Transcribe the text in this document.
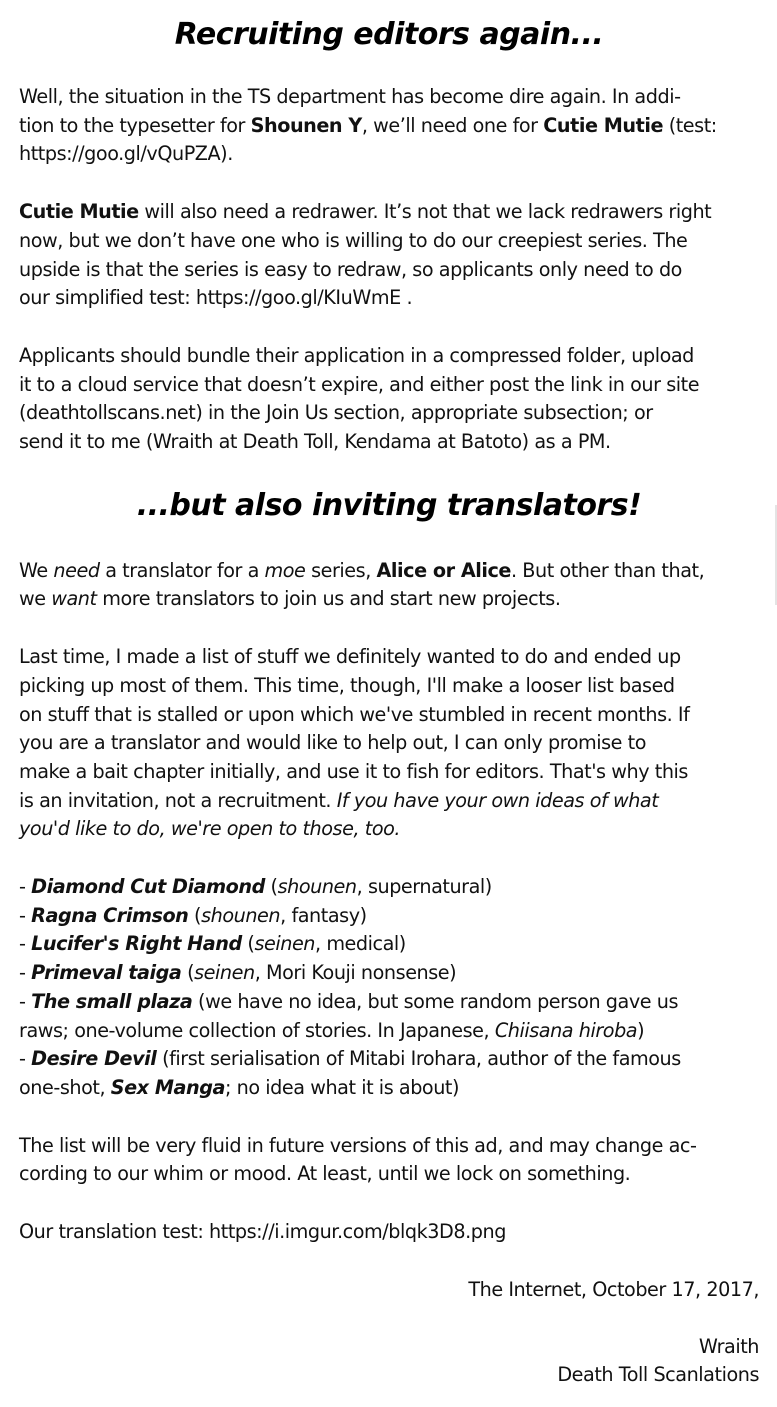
Recruiting editors again...

Well, the situation in the TS department has become dire again. In addi-
tion to the typesetter for Shounen Y, we’ll need one for Cutie Mutie (test:
https://goo.gl/vQuPZA).

Cutie Mutie will also need a redrawer. It’s not that we lack redrawers right
now, but we don’t have one who is willing to do our creepiest series. The
upside is that the series is easy to redraw, so applicants only need to do
our simplified test: https://goo.gl/KIuWmE .

Applicants should bundle their application in a compressed folder, upload
it to a cloud service that doesn’t expire, and either post the link in our site
(deathtollscans.net) in the Join Us section, appropriate subsection; or
send it to me (Wraith at Death Toll, Kendama at Batoto) as a PM.

...but also inviting translators!

We need a translator for a moe series, Alice or Alice. But other than that,
we want more translators to join us and start new projects.

Last time, I made a list of stuff we definitely wanted to do and ended up
picking up most of them. This time, though, I'll make a looser list based
on stuff that is stalled or upon which we've stumbled in recent months. If
you are a translator and would like to help out, I can only promise to
make a bait chapter initially, and use it to fish for editors. That's why this
is an invitation, not a recruitment. If you have your own ideas of what
you'd like to do, we're open to those, too.

- Diamond Cut Diamond (shounen, supernatural)

- Ragna Crimson (shounen, fantasy)

- Lucifer's Right Hand (seinen, medical)

- Primeval taiga (seinen, Mori Kouji nonsense)

- The small plaza (we have no idea, but some random person gave us
raws; one-volume collection of stories. In Japanese, Chiisana hiroba)

- Desire Devil (first serialisation of Mitabi Irohara, author of the famous
one-shot, Sex Manga; no idea what it is about)

The list will be very fluid in future versions of this ad, and may change ac-
cording to our whim or mood. At least, until we lock on something.

Our translation test: https://i.imgur.com/blqk3D8.png

The Internet, October 17, 2017,

Wraith

Death Toll Scanlations
